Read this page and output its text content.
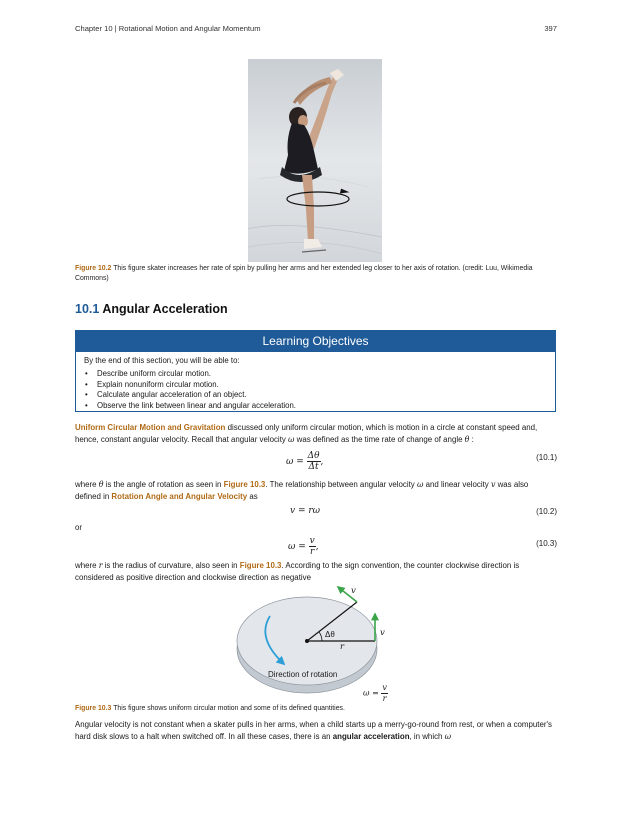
Chapter 10 | Rotational Motion and Angular Momentum	397
Figure 10.2 This figure skater increases her rate of spin by pulling her arms and her extended leg closer to her axis of rotation. (credit: Luu, Wikimedia Commons)
10.1 Angular Acceleration
Learning Objectives
By the end of this section, you will be able to:
• Describe uniform circular motion.
• Explain nonuniform circular motion.
• Calculate angular acceleration of an object.
• Observe the link between linear and angular acceleration.
Uniform Circular Motion and Gravitation discussed only uniform circular motion, which is motion in a circle at constant speed and, hence, constant angular velocity. Recall that angular velocity ω was defined as the time rate of change of angle θ :
$\omega = \frac{\Delta\theta}{\Delta t}$ ,	(10.1)
where θ is the angle of rotation as seen in Figure 10.3. The relationship between angular velocity ω and linear velocity v was also defined in Rotation Angle and Angular Velocity as
v = rω	(10.2)
or
$\omega = \frac{v}{r}$ ,	(10.3)
where r is the radius of curvature, also seen in Figure 10.3. According to the sign convention, the counter clockwise direction is considered as positive direction and clockwise direction as negative
v
v
Δθ
r
Direction of rotation
$\omega = \frac{v}{r}$
Figure 10.3 This figure shows uniform circular motion and some of its defined quantities.
Angular velocity is not constant when a skater pulls in her arms, when a child starts up a merry-go-round from rest, or when a computer's hard disk slows to a halt when switched off. In all these cases, there is an angular acceleration, in which ω
